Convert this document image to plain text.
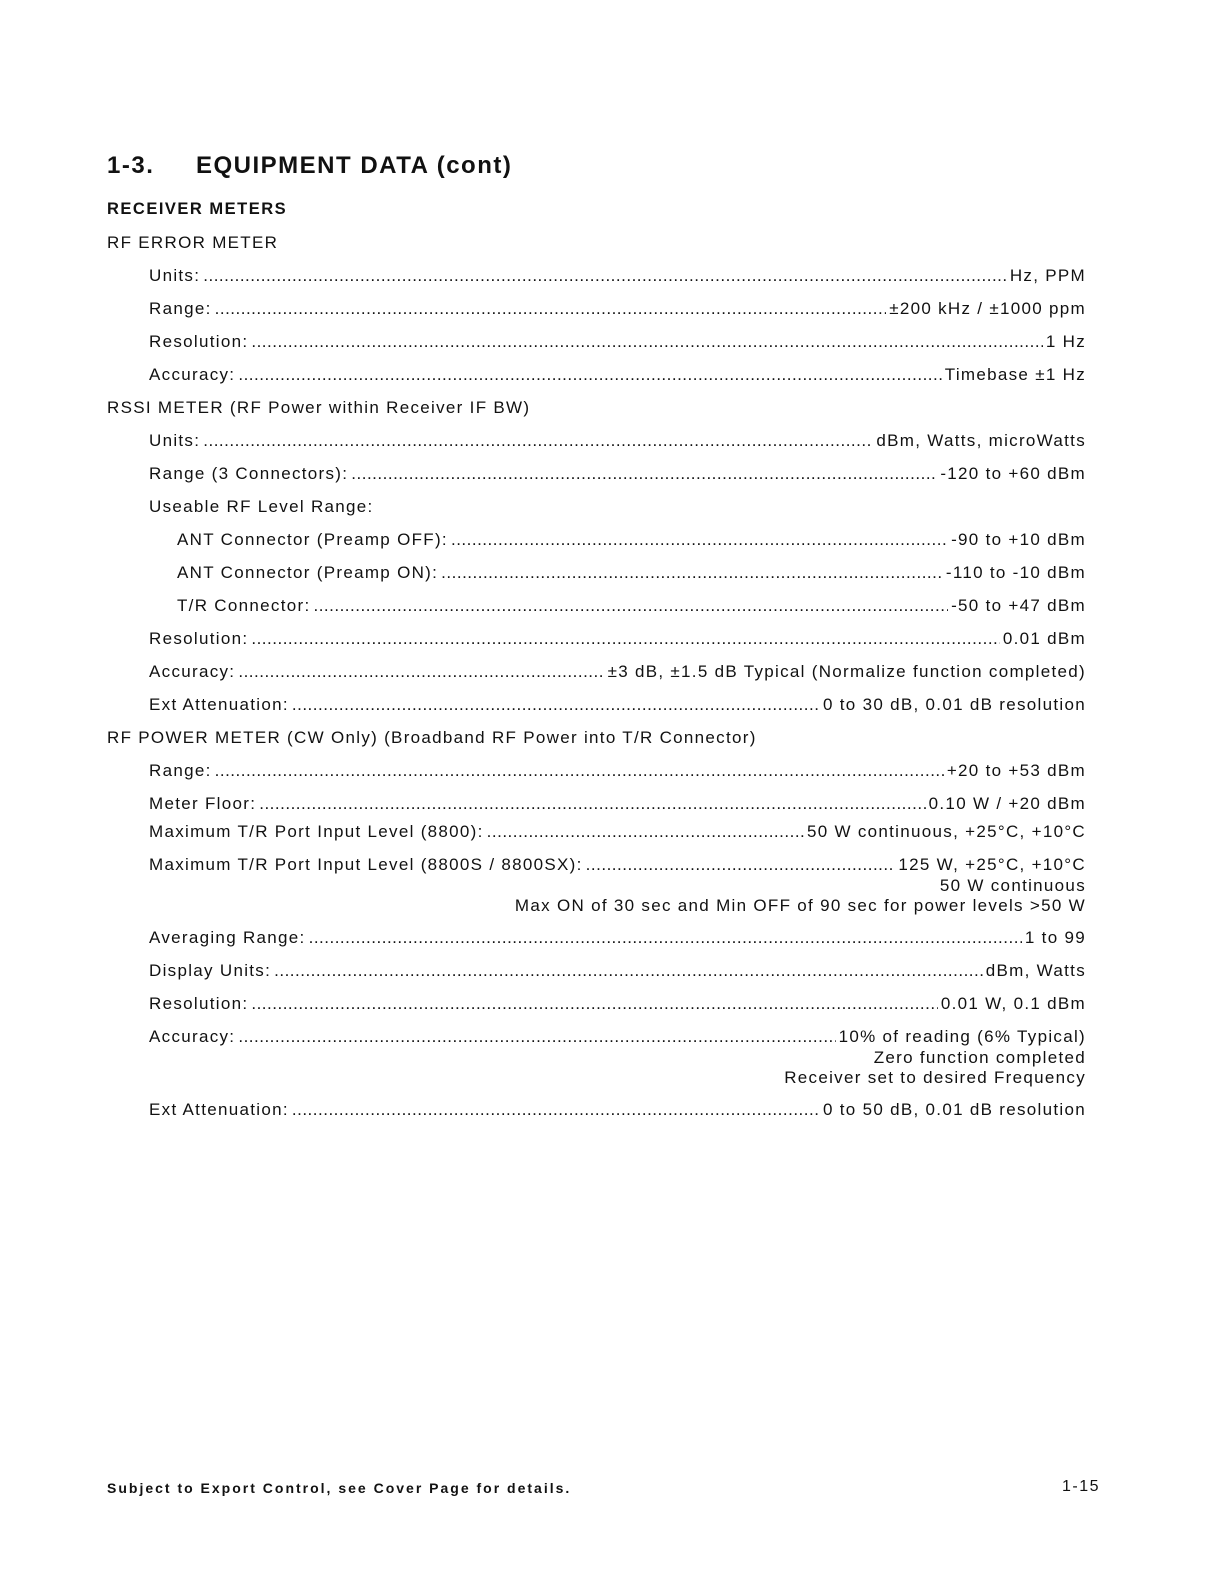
1-3. EQUIPMENT DATA (cont)
RECEIVER METERS
RF ERROR METER
Units: .....	Hz, PPM
Range: .....	±200 kHz / ±1000 ppm
Resolution: .....	1 Hz
Accuracy: .....	Timebase ±1 Hz
RSSI METER (RF Power within Receiver IF BW)
Units: .....	dBm, Watts, microWatts
Range (3 Connectors): .....	-120 to +60 dBm
Useable RF Level Range:
ANT Connector (Preamp OFF): .....	-90 to +10 dBm
ANT Connector (Preamp ON): .....	-110 to -10 dBm
T/R Connector: .....	-50 to +47 dBm
Resolution: .....	0.01 dBm
Accuracy: .....	±3 dB, ±1.5 dB Typical (Normalize function completed)
Ext Attenuation: .....	0 to 30 dB, 0.01 dB resolution
RF POWER METER (CW Only) (Broadband RF Power into T/R Connector)
Range: .....	+20 to +53 dBm
Meter Floor: .....	0.10 W / +20 dBm
Maximum T/R Port Input Level (8800): .....	50 W continuous, +25°C, +10°C
Maximum T/R Port Input Level (8800S / 8800SX): .....	125 W, +25°C, +10°C
50 W continuous
Max ON of 30 sec and Min OFF of 90 sec for power levels >50 W
Averaging Range: .....	1 to 99
Display Units: .....	dBm, Watts
Resolution: .....	0.01 W, 0.1 dBm
Accuracy: .....	10% of reading (6% Typical)
Zero function completed
Receiver set to desired Frequency
Ext Attenuation: .....	0 to 50 dB, 0.01 dB resolution

Subject to Export Control, see Cover Page for details.	1-15
